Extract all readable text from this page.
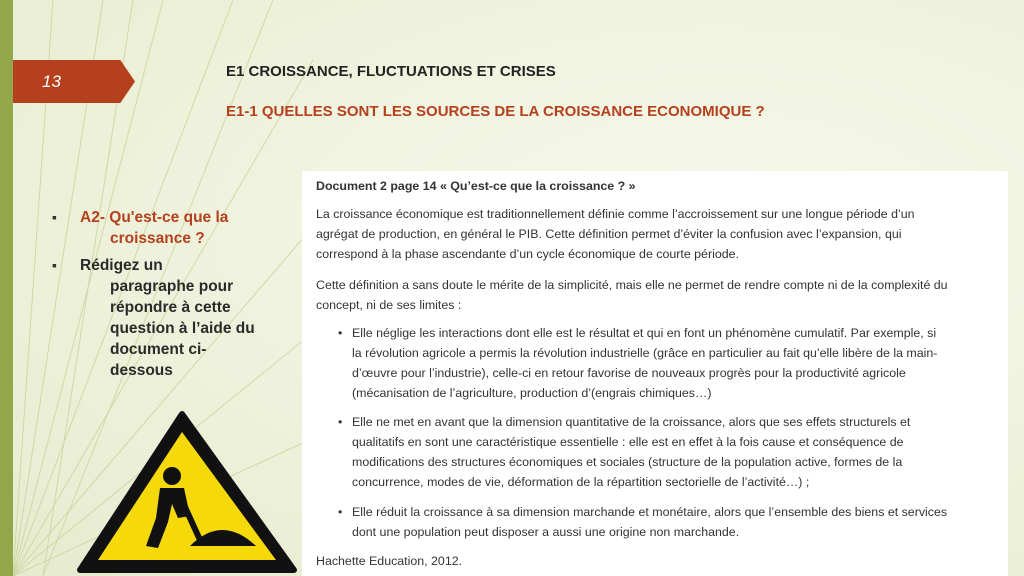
13
E1 CROISSANCE, FLUCTUATIONS ET CRISES
E1-1 QUELLES SONT LES SOURCES DE LA CROISSANCE ECONOMIQUE ?
▪ A2- Qu'est-ce que la
croissance ?
▪ Rédigez un
paragraphe pour
répondre à cette
question à l’aide du
document ci-
dessous
Document 2 page 14 « Qu’est-ce que la croissance ? »

La croissance économique est traditionnellement définie comme l’accroissement sur une longue période d’un
agrégat de production, en général le PIB. Cette définition permet d’éviter la confusion avec l’expansion, qui
correspond à la phase ascendante d’un cycle économique de courte période.

Cette définition a sans doute le mérite de la simplicité, mais elle ne permet de rendre compte ni de la complexité du
concept, ni de ses limites :

• Elle néglige les interactions dont elle est le résultat et qui en font un phénomène cumulatif. Par exemple, si
la révolution agricole a permis la révolution industrielle (grâce en particulier au fait qu’elle libère de la main-
d’œuvre pour l’industrie), celle-ci en retour favorise de nouveaux progrès pour la productivité agricole
(mécanisation de l’agriculture, production d’(engrais chimiques…)
• Elle ne met en avant que la dimension quantitative de la croissance, alors que ses effets structurels et
qualitatifs en sont une caractéristique essentielle : elle est en effet à la fois cause et conséquence de
modifications des structures économiques et sociales (structure de la population active, formes de la
concurrence, modes de vie, déformation de la répartition sectorielle de l’activité…) ;
• Elle réduit la croissance à sa dimension marchande et monétaire, alors que l’ensemble des biens et services
dont une population peut disposer a aussi une origine non marchande.

Hachette Education, 2012.
